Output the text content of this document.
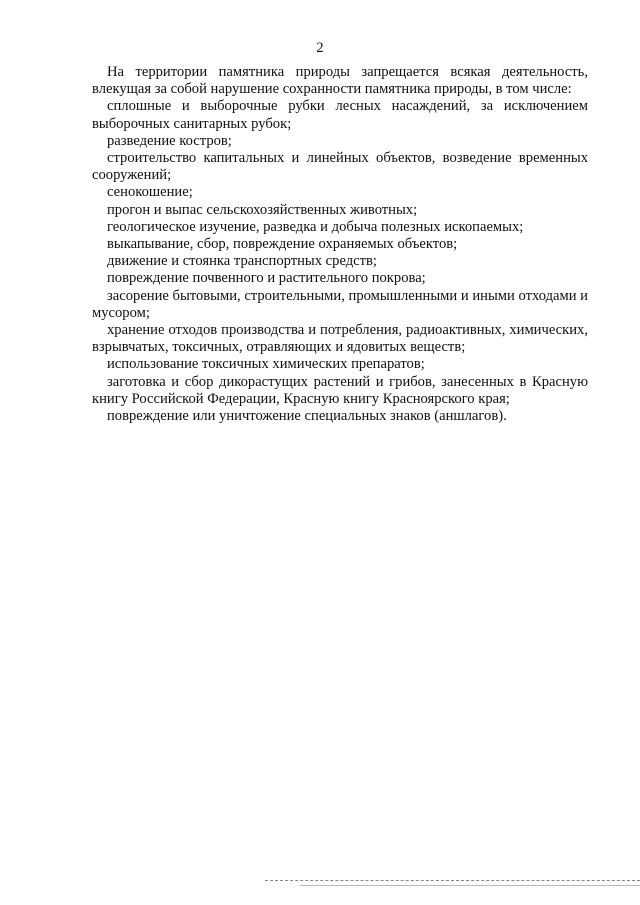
2

На территории памятника природы запрещается всякая деятельность, влекущая за собой нарушение сохранности памятника природы, в том числе:

сплошные и выборочные рубки лесных насаждений, за исключением выборочных санитарных рубок;
разведение костров;
строительство капитальных и линейных объектов, возведение временных сооружений;
сенокошение;
прогон и выпас сельскохозяйственных животных;
геологическое изучение, разведка и добыча полезных ископаемых;
выкапывание, сбор, повреждение охраняемых объектов;
движение и стоянка транспортных средств;
повреждение почвенного и растительного покрова;
засорение бытовыми, строительными, промышленными и иными отходами и мусором;
хранение отходов производства и потребления, радиоактивных, химических, взрывчатых, токсичных, отравляющих и ядовитых веществ;
использование токсичных химических препаратов;
заготовка и сбор дикорастущих растений и грибов, занесенных в Красную книгу Российской Федерации, Красную книгу Красноярского края;
повреждение или уничтожение специальных знаков (аншлагов).
